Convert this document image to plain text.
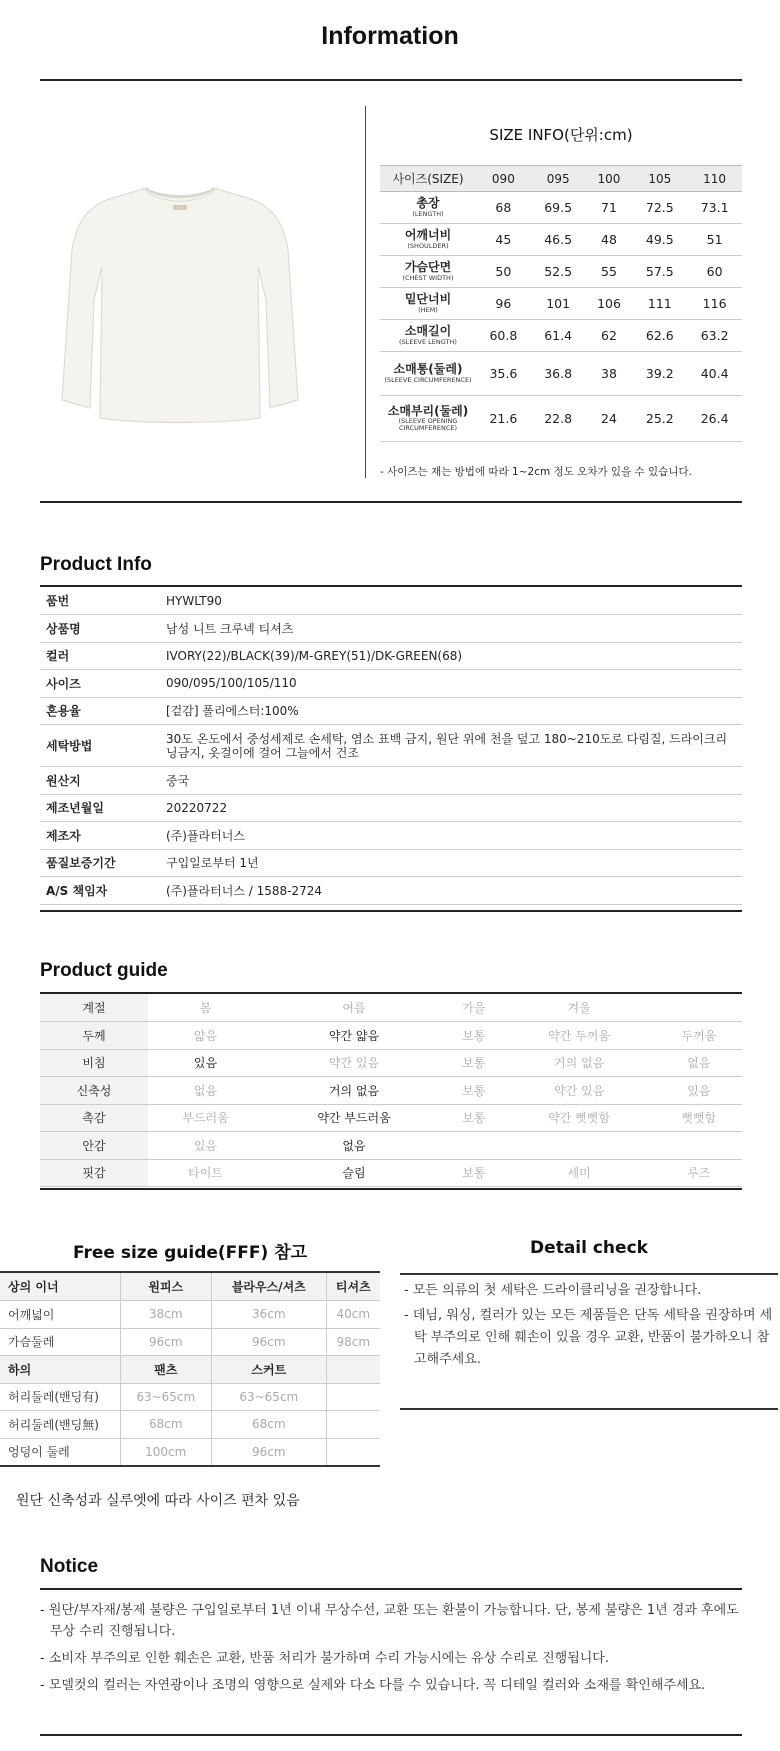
Information
SIZE INFO(단위:cm)
사이즈(SIZE)	090	095	100	105	110

총장
(LENGTH)	68	69.5	71	72.5	73.1

어깨너비
(SHOULDER)	45	46.5	48	49.5	51

가슴단면
(CHEST WIDTH)	50	52.5	55	57.5	60

밑단너비
(HEM)	96	101	106	111	116

소매길이
(SLEEVE LENGTH)	60.8	61.4	62	62.6	63.2

소매통(둘레)
(SLEEVE CIRCUMFERENCE)	35.6	36.8	38	39.2	40.4

소매부리(둘레)
(SLEEVE OPENING CIRCUMFERENCE)	21.6	22.8	24	25.2	26.4
- 사이즈는 재는 방법에 따라 1~2cm 정도 오차가 있을 수 있습니다.
Product Info
품번	HYWLT90
상품명	남성 니트 크루넥 티셔츠
컬러	IVORY(22)/BLACK(39)/M-GREY(51)/DK-GREEN(68)
사이즈	090/095/100/105/110
혼용율	[겉감] 폴리에스터:100%
세탁방법	30도 온도에서 중성세제로 손세탁, 염소 표백 금지, 원단 위에 천을 덮고 180~210도로 다림질, 드라이크리닝금지, 옷걸이에 걸어 그늘에서 건조
원산지	중국
제조년월일	20220722
제조자	(주)플라터너스
품질보증기간	구입일로부터 1년
A/S 책임자	(주)플라터너스 / 1588-2724
Product guide
계절	봄	여름	가을	겨울	
두께	얇음	약간 얇음	보통	약간 두꺼움	두꺼움
비침	있음	약간 있음	보통	거의 없음	없음
신축성	없음	거의 없음	보통	약간 있음	있음
촉감	부드러움	약간 부드러움	보통	약간 뻣뻣함	뻣뻣함
안감	있음	없음			
핏감	타이트	슬림	보통	세미	루즈
Free size guide(FFF) 참고
상의 이너	원피스	블라우스/셔츠	티셔츠
어깨넓이	38cm	36cm	40cm
가슴둘레	96cm	96cm	98cm
하의	팬츠	스커트	
허리둘레(밴딩有)	63~65cm	63~65cm	
허리둘레(밴딩無)	68cm	68cm	
엉덩이 둘레	100cm	96cm	
원단 신축성과 실루엣에 따라 사이즈 편차 있음
Detail check

- 모든 의류의 첫 세탁은 드라이클리닝을 권장합니다.

- 데님, 워싱, 컬러가 있는 모든 제품들은 단독 세탁을 권장하며 세탁 부주의로 인해 훼손이 있을 경우 교환, 반품이 불가하오니 참고해주세요.

Notice

- 원단/부자재/봉제 불량은 구입일로부터 1년 이내 무상수선, 교환 또는 환불이 가능합니다. 단, 봉제 불량은 1년 경과 후에도 무상 수리 진행됩니다.

- 소비자 부주의로 인한 훼손은 교환, 반품 처리가 불가하며 수리 가능시에는 유상 수리로 진행됩니다.

- 모델컷의 컬러는 자연광이나 조명의 영향으로 실제와 다소 다를 수 있습니다. 꼭 디테일 컬러와 소재를 확인해주세요.
